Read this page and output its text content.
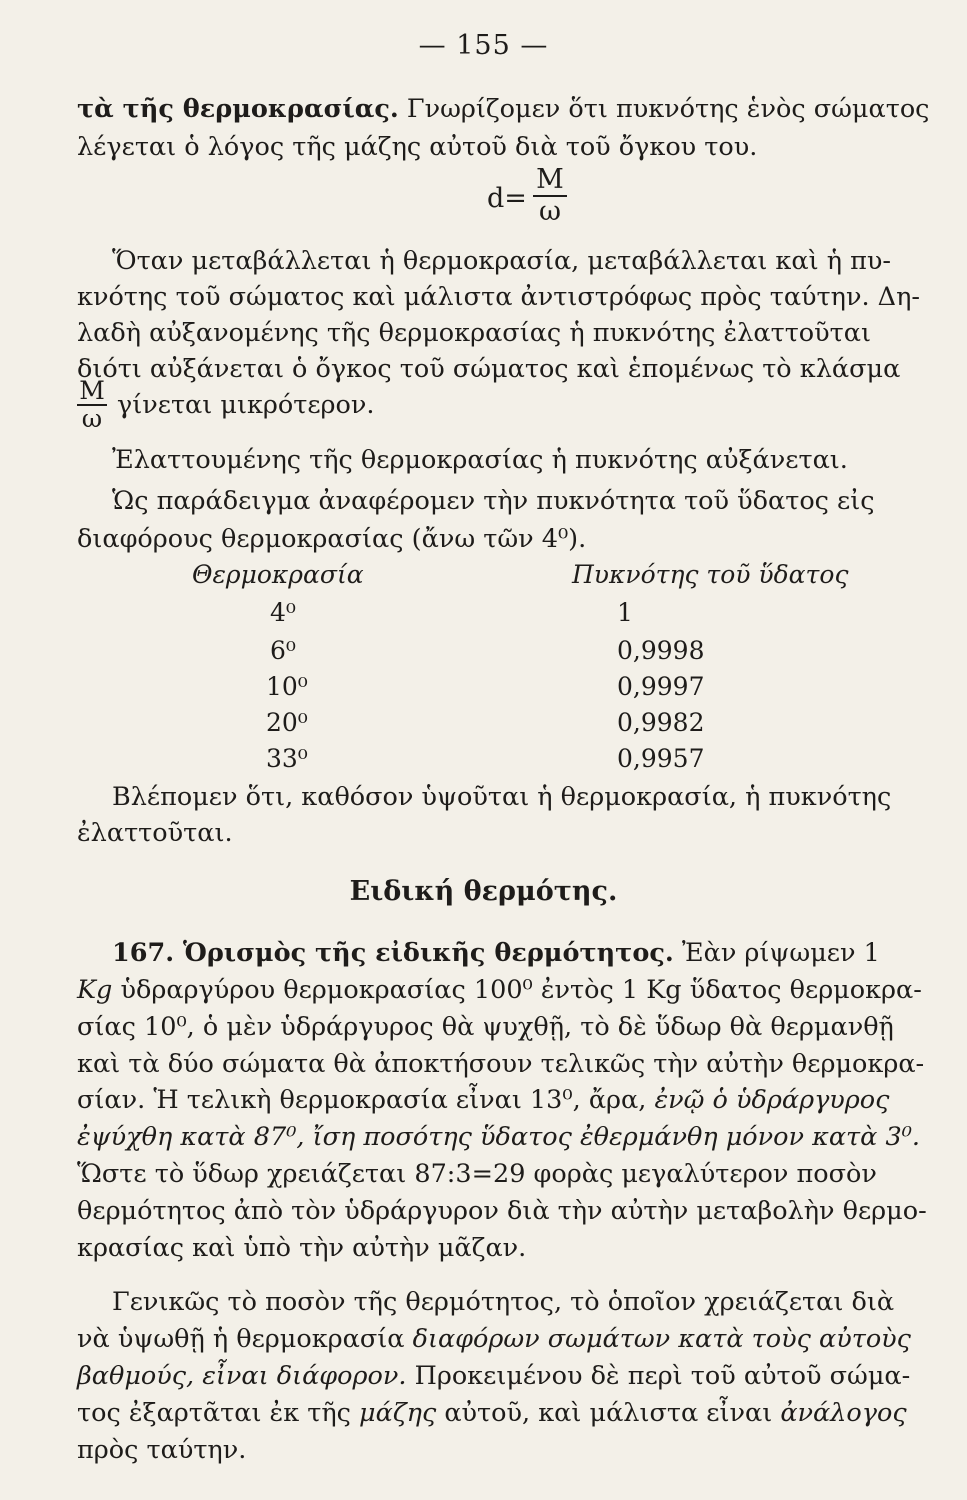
— 155 —
τὰ τῆς θερμοκρασίας. Γνωρίζομεν ὅτι πυκνότης ἑνὸς σώματος
λέγεται ὁ λόγος τῆς μάζης αὐτοῦ διὰ τοῦ ὄγκου του.
$d= \frac{M}{\omega}$
Ὅταν μεταβάλλεται ἡ θερμοκρασία, μεταβάλλεται καὶ ἡ πυ-
κνότης τοῦ σώματος καὶ μάλιστα ἀντιστρόφως πρὸς ταύτην. Δη-
λαδὴ αὐξανομένης τῆς θερμοκρασίας ἡ πυκνότης ἐλαττοῦται
διότι αὐξάνεται ὁ ὄγκος τοῦ σώματος καὶ ἑπομένως τὸ κλάσμα
$\frac{M}{\omega}$ γίνεται μικρότερον.
Ἐλαττουμένης τῆς θερμοκρασίας ἡ πυκνότης αὐξάνεται.
Ὡς παράδειγμα ἀναφέρομεν τὴν πυκνότητα τοῦ ὕδατος εἰς
διαφόρους θερμοκρασίας (ἄνω τῶν 4⁰).
Θερμοκρασία	Πυκνότης τοῦ ὕδατος
4⁰	1
6⁰	0,9998
10⁰	0,9997
20⁰	0,9982
33⁰	0,9957
Βλέπομεν ὅτι, καθόσον ὑψοῦται ἡ θερμοκρασία, ἡ πυκνότης
ἐλαττοῦται.
Ειδική θερμότης.
167. Ὁρισμὸς τῆς εἰδικῆς θερμότητος. Ἐὰν ρίψωμεν 1
Kg ὑδραργύρου θερμοκρασίας 100⁰ ἐντὸς 1 Kg ὕδατος θερμοκρα-
σίας 10⁰, ὁ μὲν ὑδράργυρος θὰ ψυχθῇ, τὸ δὲ ὕδωρ θὰ θερμανθῇ
καὶ τὰ δύο σώματα θὰ ἀποκτήσουν τελικῶς τὴν αὐτὴν θερμοκρα-
σίαν. Ἡ τελικὴ θερμοκρασία εἶναι 13⁰, ἄρα, ἐνῷ ὁ ὑδράργυρος
ἐψύχθη κατὰ 87⁰, ἴση ποσότης ὕδατος ἐθερμάνθη μόνον κατὰ 3⁰.
Ὥστε τὸ ὕδωρ χρειάζεται 87:3=29 φορὰς μεγαλύτερον ποσὸν
θερμότητος ἀπὸ τὸν ὑδράργυρον διὰ τὴν αὐτὴν μεταβολὴν θερμο-
κρασίας καὶ ὑπὸ τὴν αὐτὴν μᾶζαν.
Γενικῶς τὸ ποσὸν τῆς θερμότητος, τὸ ὁποῖον χρειάζεται διὰ
νὰ ὑψωθῇ ἡ θερμοκρασία διαφόρων σωμάτων κατὰ τοὺς αὐτοὺς
βαθμούς, εἶναι διάφορον. Προκειμένου δὲ περὶ τοῦ αὐτοῦ σώμα-
τος ἐξαρτᾶται ἐκ τῆς μάζης αὐτοῦ, καὶ μάλιστα εἶναι ἀνάλογος
πρὸς ταύτην.
